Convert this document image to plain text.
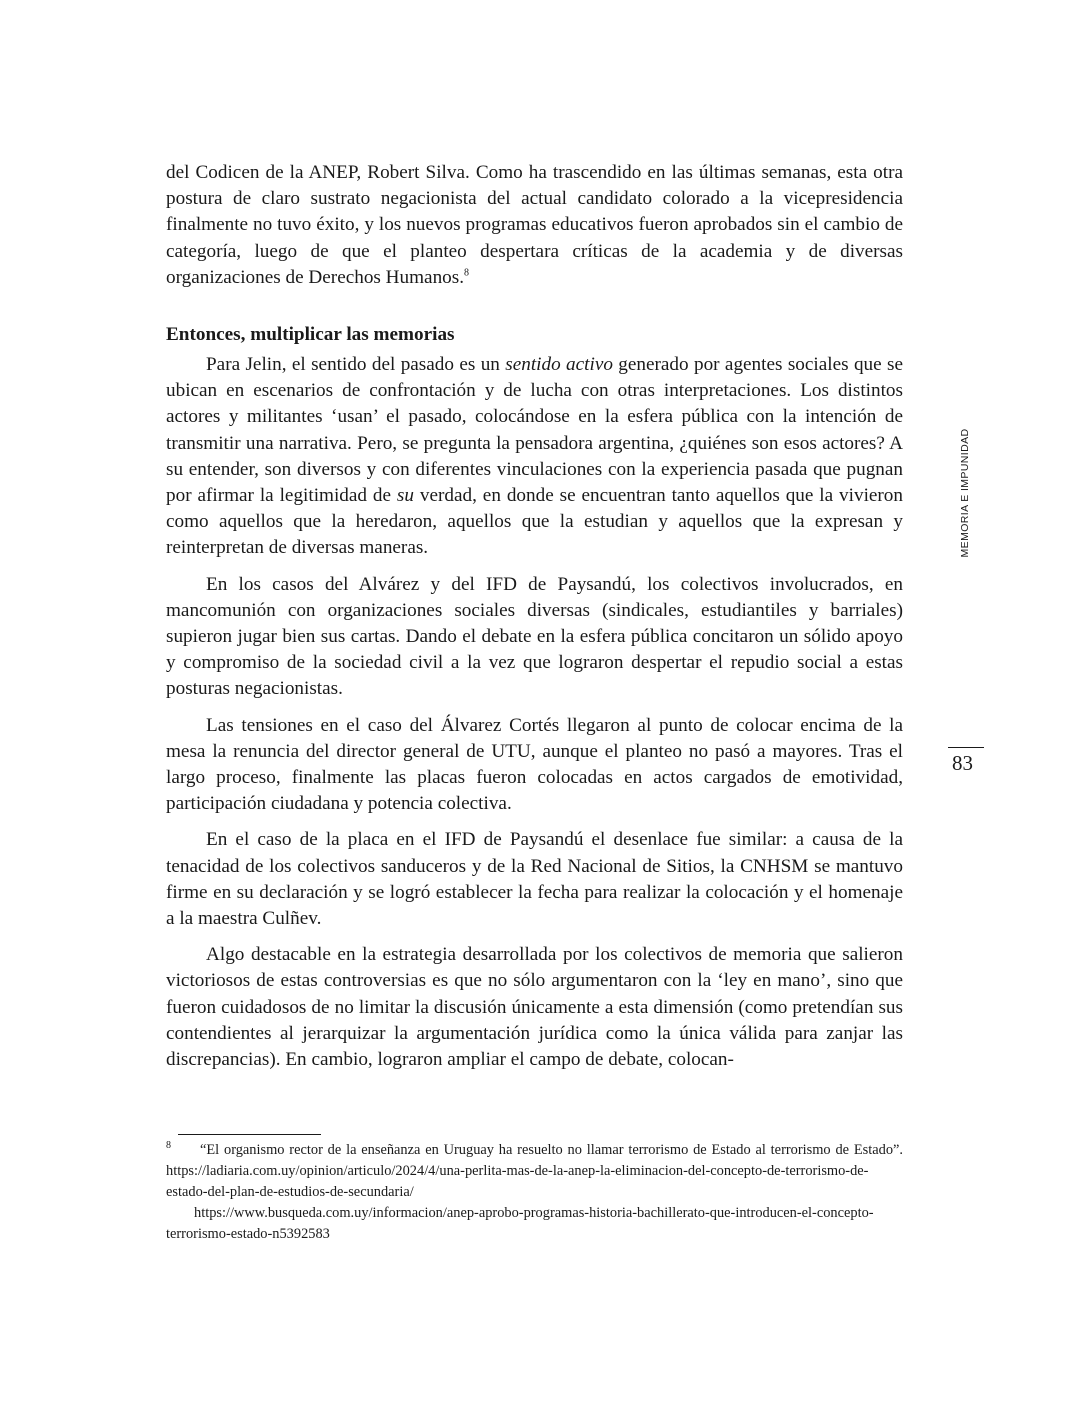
del Codicen de la ANEP, Robert Silva. Como ha trascendido en las últimas semanas, esta otra postura de claro sustrato negacionista del actual candidato colorado a la vicepresidencia finalmente no tuvo éxito, y los nuevos programas educativos fueron aprobados sin el cambio de categoría, luego de que el planteo despertara críticas de la academia y de diversas organizaciones de Derechos Humanos.$^8$

Entonces, multiplicar las memorias

Para Jelin, el sentido del pasado es un sentido activo generado por agentes sociales que se ubican en escenarios de confrontación y de lucha con otras interpretaciones. Los distintos actores y militantes ‘usan’ el pasado, colocándose en la esfera pública con la intención de transmitir una narrativa. Pero, se pregunta la pensadora argentina, ¿quiénes son esos actores? A su entender, son diversos y con diferentes vinculaciones con la experiencia pasada que pugnan por afirmar la legitimidad de su verdad, en donde se encuentran tanto aquellos que la vivieron como aquellos que la heredaron, aquellos que la estudian y aquellos que la expresan y reinterpretan de diversas maneras.

En los casos del Alvárez y del IFD de Paysandú, los colectivos involucrados, en mancomunión con organizaciones sociales diversas (sindicales, estudiantiles y barriales) supieron jugar bien sus cartas. Dando el debate en la esfera pública concitaron un sólido apoyo y compromiso de la sociedad civil a la vez que lograron despertar el repudio social a estas posturas negacionistas.

Las tensiones en el caso del Álvarez Cortés llegaron al punto de colocar encima de la mesa la renuncia del director general de UTU, aunque el planteo no pasó a mayores. Tras el largo proceso, finalmente las placas fueron colocadas en actos cargados de emotividad, participación ciudadana y potencia colectiva.

En el caso de la placa en el IFD de Paysandú el desenlace fue similar: a causa de la tenacidad de los colectivos sanduceros y de la Red Nacional de Sitios, la CNHSM se mantuvo firme en su declaración y se logró establecer la fecha para realizar la colocación y el homenaje a la maestra Culñev.

Algo destacable en la estrategia desarrollada por los colectivos de memoria que salieron victoriosos de estas controversias es que no sólo argumentaron con la ‘ley en mano’, sino que fueron cuidadosos de no limitar la discusión únicamente a esta dimensión (como pretendían sus contendientes al jerarquizar la argumentación jurídica como la única válida para zanjar las discrepancias). En cambio, lograron ampliar el campo de debate, colocan-

MEMORIA E IMPUNIDAD
83

8 “El organismo rector de la enseñanza en Uruguay ha resuelto no llamar terrorismo de Estado al terrorismo de Estado”. https://ladiaria.com.uy/opinion/articulo/2024/4/una-perlita-mas-de-la-anep-la-eliminacion-del-concepto-de-terrorismo-de-estado-del-plan-de-estudios-de-secundaria/

https://www.busqueda.com.uy/informacion/anep-aprobo-programas-historia-bachillerato-que-introducen-el-concepto-terrorismo-estado-n5392583
